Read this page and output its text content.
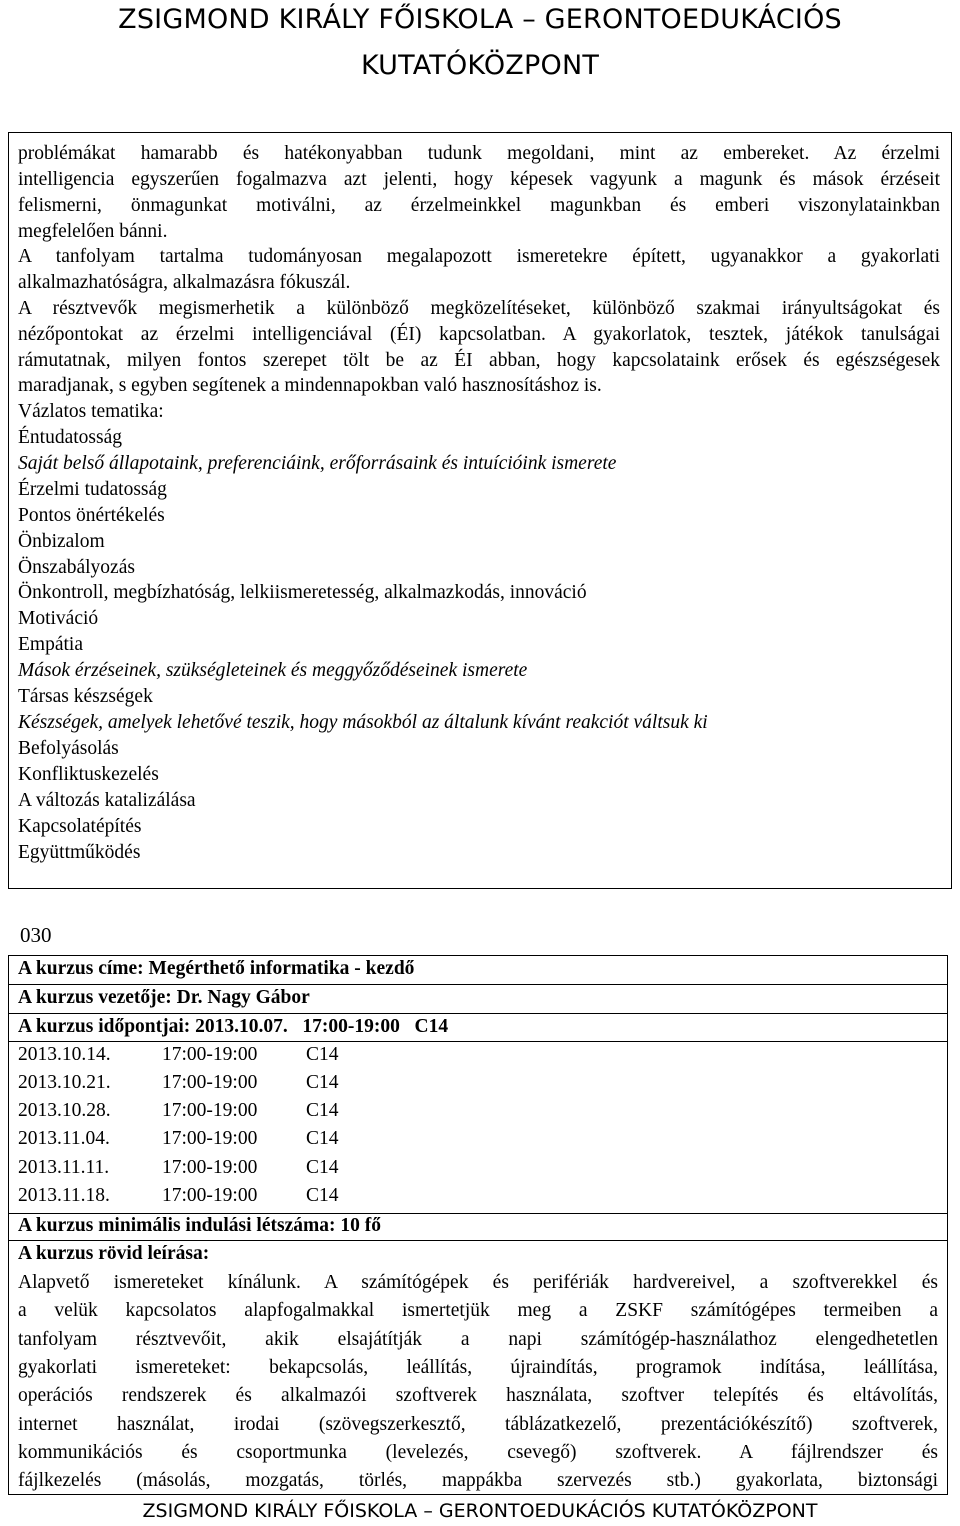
ZSIGMOND KIRÁLY FŐISKOLA – GERONTOEDUKÁCIÓS
KUTATÓKÖZPONT
problémákat hamarabb és hatékonyabban tudunk megoldani, mint az embereket. Az érzelmi
intelligencia egyszerűen fogalmazva azt jelenti, hogy képesek vagyunk a magunk és mások érzéseit
felismerni, önmagunkat motiválni, az érzelmeinkkel magunkban és emberi viszonylatainkban
megfelelően bánni.
A tanfolyam tartalma tudományosan megalapozott ismeretekre épített, ugyanakkor a gyakorlati
alkalmazhatóságra, alkalmazásra fókuszál.
A résztvevők megismerhetik a különböző megközelítéseket, különböző szakmai irányultságokat és
nézőpontokat az érzelmi intelligenciával (ÉI) kapcsolatban. A gyakorlatok, tesztek, játékok tanulságai
rámutatnak, milyen fontos szerepet tölt be az ÉI abban, hogy kapcsolataink erősek és egészségesek
maradjanak, s egyben segítenek a mindennapokban való hasznosításhoz is.
Vázlatos tematika:
Éntudatosság
Saját belső állapotaink, preferenciáink, erőforrásaink és intuícióink ismerete
Érzelmi tudatosság
Pontos önértékelés
Önbizalom
Önszabályozás
Önkontroll, megbízhatóság, lelkiismeretesség, alkalmazkodás, innováció
Motiváció
Empátia
Mások érzéseinek, szükségleteinek és meggyőződéseinek ismerete
Társas készségek
Készségek, amelyek lehetővé teszik, hogy másokból az általunk kívánt reakciót váltsuk ki
Befolyásolás
Konfliktuskezelés
A változás katalizálása
Kapcsolatépítés
Együttműködés
030
A kurzus címe: Megérthető informatika - kezdő
A kurzus vezetője: Dr. Nagy Gábor
A kurzus időpontjai: 2013.10.07.   17:00-19:00   C14
2013.10.14.	17:00-19:00 C14
2013.10.21.	17:00-19:00 C14
2013.10.28.	17:00-19:00 C14
2013.11.04.	17:00-19:00 C14
2013.11.11.	17:00-19:00 C14
2013.11.18.	17:00-19:00 C14
A kurzus minimális indulási létszáma: 10 fő
A kurzus rövid leírása:
Alapvető ismereteket kínálunk. A számítógépek és perifériák hardvereivel, a szoftverekkel és
a velük kapcsolatos alapfogalmakkal ismertetjük meg a ZSKF számítógépes termeiben a
tanfolyam résztvevőit, akik elsajátítják a napi számítógép-használathoz elengedhetetlen
gyakorlati ismereteket: bekapcsolás, leállítás, újraindítás, programok indítása, leállítása,
operációs rendszerek és alkalmazói szoftverek használata, szoftver telepítés és eltávolítás,
internet használat, irodai (szövegszerkesztő, táblázatkezelő, prezentációkészítő) szoftverek,
kommunikációs és csoportmunka (levelezés, csevegő) szoftverek. A fájlrendszer és
fájlkezelés (másolás, mozgatás, törlés, mappákba szervezés stb.) gyakorlata, biztonsági
ZSIGMOND KIRÁLY FŐISKOLA – GERONTOEDUKÁCIÓS KUTATÓKÖZPONT
